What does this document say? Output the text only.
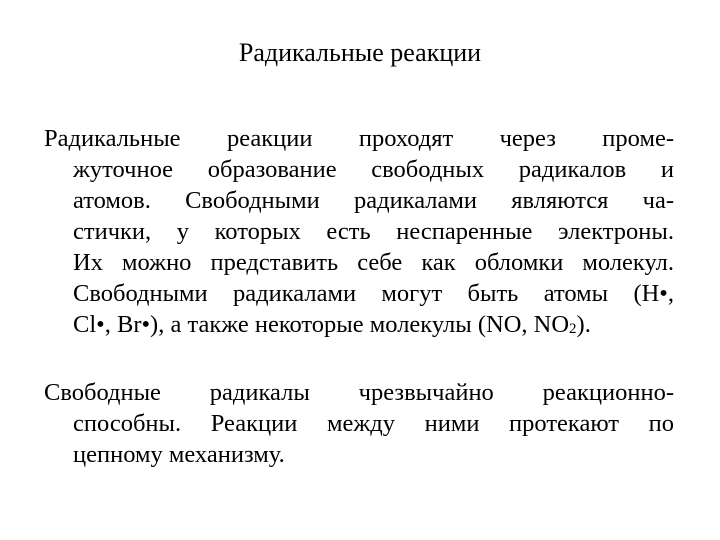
Радикальные реакции
Радикальные реакции проходят через проме-
жуточное образование свободных радикалов и
атомов. Свободными радикалами являются ча-
стички, у которых есть неспаренные электроны.
Их можно представить себе как обломки молекул.
Свободными радикалами могут быть атомы (H•,
Cl•, Br•), а также некоторые молекулы (NO, NO2).
Свободные радикалы чрезвычайно реакционно-
способны. Реакции между ними протекают по
цепному механизму.
